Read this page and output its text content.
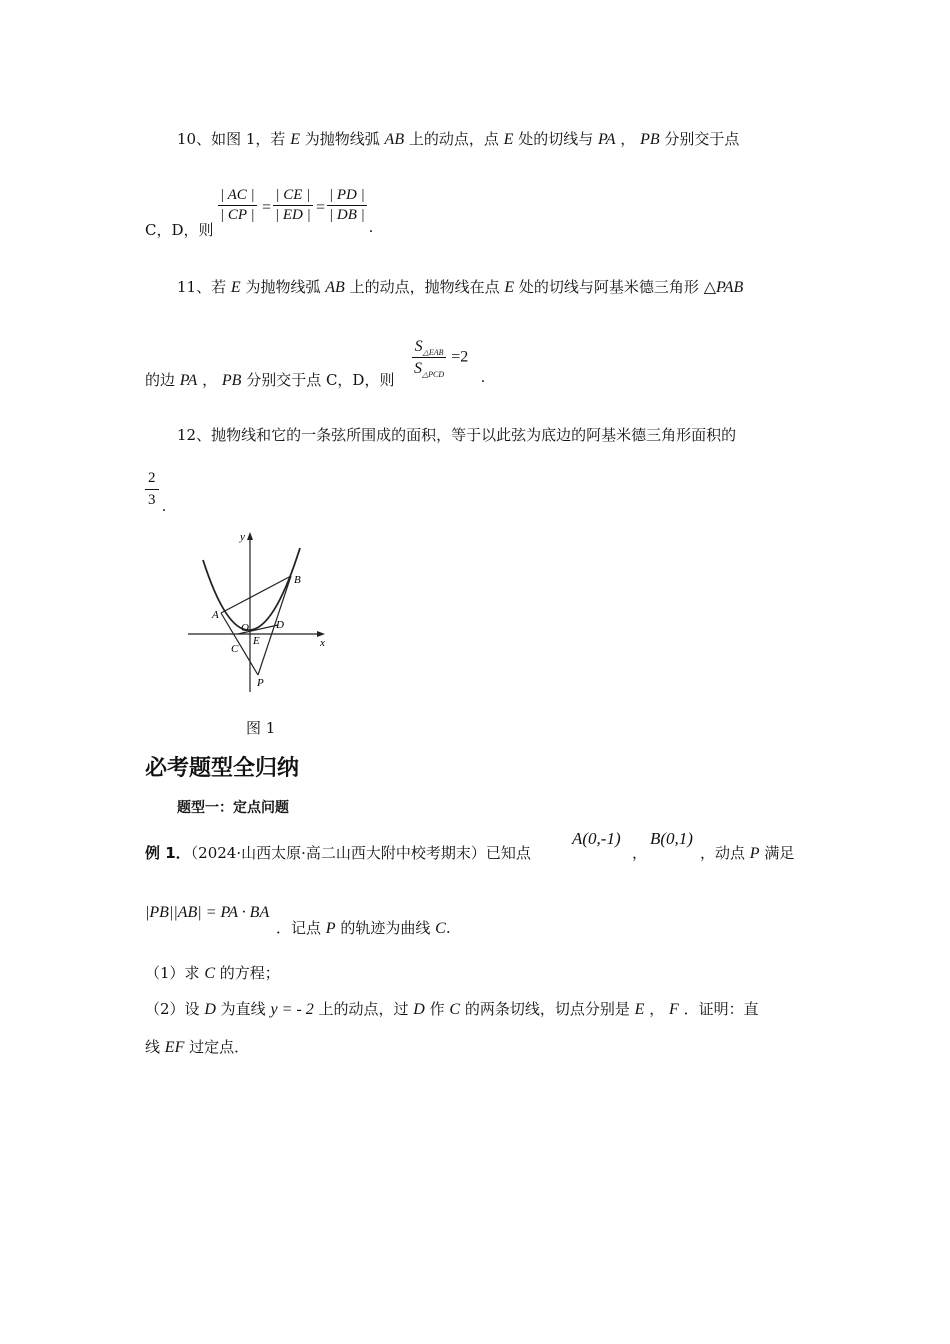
10、如图 1，若 E 为抛物线弧 AB 上的动点，点 E 处的切线与 PA ， PB 分别交于点
C，D，则
$\frac{| AC |}{| CP |} = \frac{| CE |}{| ED |} = \frac{| PD |}{| DB |}$
.
11、若 E 为抛物线弧 AB 上的动点，抛物线在点 E 处的切线与阿基米德三角形 △PAB
的边 PA ， PB 分别交于点 C，D，则
$S_{\triangle EAB}$
$S_{\triangle PCD}$
=2
.
12、抛物线和它的一条弦所围成的面积，等于以此弦为底边的阿基米德三角形面积的
$\frac{2}{3}$ .
y
x
A
B
O
C
E
D
P
图 1
必考题型全归纳
题型一：定点问题
例 1．（2024·山西太原·高二山西大附中校考期末）已知点
A(0,-1)
，
B(0,1)
，动点 P 满足
|PB||AB| = PA · BA
．记点 P 的轨迹为曲线 C.
（1）求 C 的方程；
（2）设 D 为直线 y = - 2 上的动点，过 D 作 C 的两条切线，切点分别是 E ， F ．证明：直
线 EF 过定点．
